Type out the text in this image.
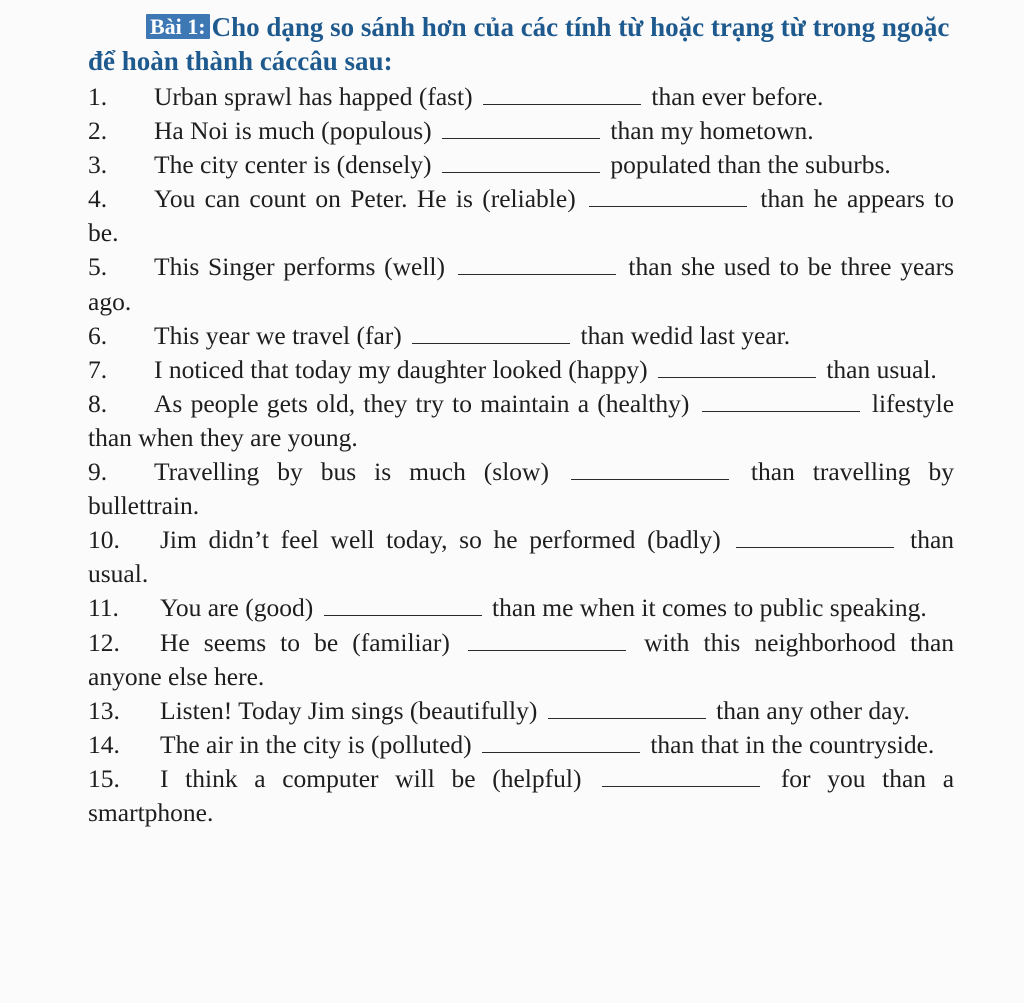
Bài 1: Cho dạng so sánh hơn của các tính từ hoặc trạng từ trong ngoặc để hoàn thành cáccâu sau:
1. Urban sprawl has happed (fast)	than ever before.
2. Ha Noi is much (populous)	than my hometown.
3. The city center is (densely)	populated than the suburbs.
4. You can count on Peter. He is (reliable)	than he appears to be.
5. This Singer performs (well)	than she used to be three years ago.
6. This year we travel (far)	than wedid last year.
7. I noticed that today my daughter looked (happy)	than usual.
8. As people gets old, they try to maintain a (healthy)	lifestyle than when they are young.
9. Travelling by bus is much (slow)	than travelling by bullettrain.
10. Jim didn’t feel well today, so he performed (badly)	than usual.
11. You are (good)	than me when it comes to public speaking.
12. He seems to be (familiar)	with this neighborhood than anyone else here.
13. Listen! Today Jim sings (beautifully)	than any other day.
14. The air in the city is (polluted)	than that in the countryside.
15. I think a computer will be (helpful)	for you than a smartphone.
